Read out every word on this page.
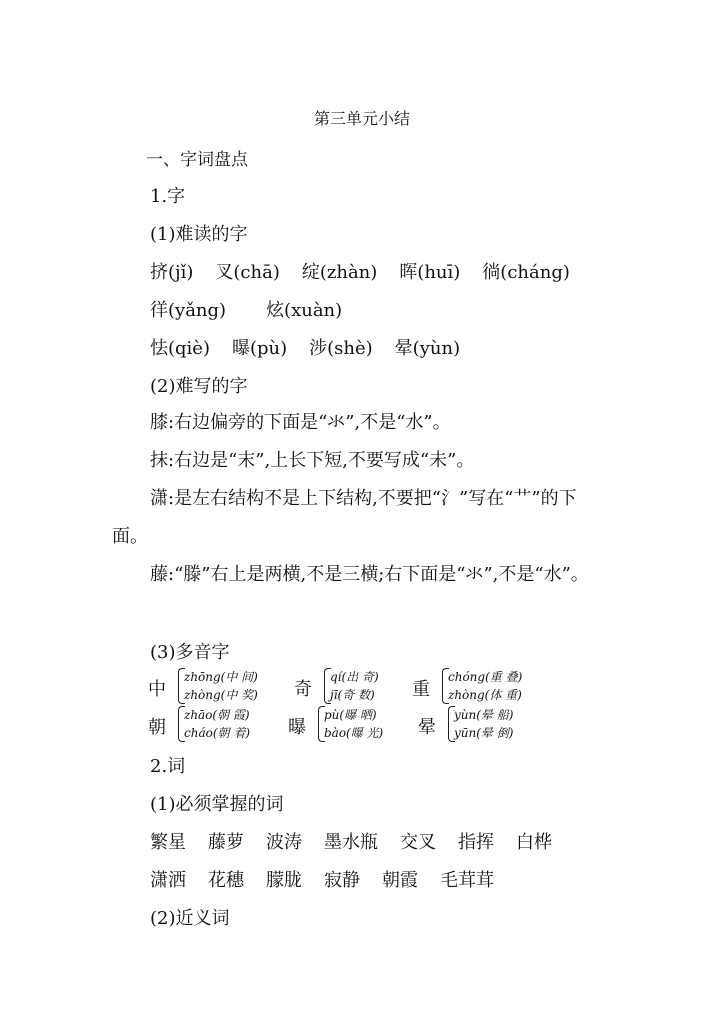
第三单元小结
一、字词盘点
1.字
(1)难读的字
挤(jǐ) 叉(chā) 绽(zhàn) 晖(huī) 徜(cháng)
徉(yǎng) 炫(xuàn)
怯(qiè) 曝(pù) 涉(shè) 晕(yùn)
(2)难写的字
膝:右边偏旁的下面是“氺”,不是“水”。
抹:右边是“末”,上长下短,不要写成“未”。
潇:是左右结构不是上下结构,不要把“氵”写在“艹”的下面。
藤:“滕”右上是两横,不是三横;右下面是“氺”,不是“水”。
(3)多音字
中
zhōng(中 间)
zhòng(中 奖) 奇
qí(出 奇)
jī(奇 数) 重
chóng(重 叠)
zhòng(体 重)
朝
zhāo(朝 霞)
cháo(朝 着) 曝
pù(曝 晒)
bào(曝 光) 晕
yùn(晕 船)
yūn(晕 倒)
2.词
(1)必须掌握的词
繁星 藤萝 波涛 墨水瓶 交叉 指挥 白桦
潇洒 花穗 朦胧 寂静 朝霞 毛茸茸
(2)近义词
